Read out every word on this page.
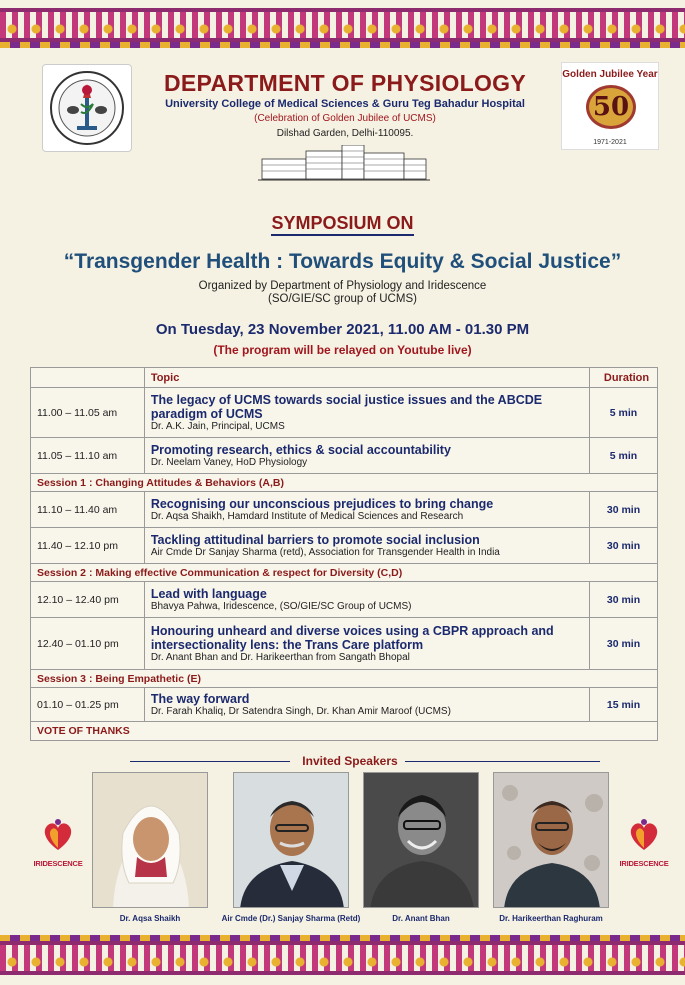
DEPARTMENT OF PHYSIOLOGY
University College of Medical Sciences & Guru Teg Bahadur Hospital
(Celebration of Golden Jubilee of UCMS)
Dilshad Garden, Delhi-110095.
Golden Jubilee Year
50
1971-2021
SYMPOSIUM ON
“Transgender Health : Towards Equity & Social Justice”
Organized by Department of Physiology and Iridescence
(SO/GIE/SC group of UCMS)
On Tuesday, 23 November 2021, 11.00 AM - 01.30 PM
(The program will be relayed on Youtube live)
	Topic	Duration
11.00 – 11.05 am	The legacy of UCMS towards social justice issues and the ABCDE paradigm of UCMS
Dr. A.K. Jain, Principal, UCMS	5 min
11.05 – 11.10 am	Promoting research, ethics & social accountability
Dr. Neelam Vaney, HoD Physiology	5 min
Session 1 : Changing Attitudes & Behaviors (A,B)		
11.10 – 11.40 am	Recognising our unconscious prejudices to bring change
Dr. Aqsa Shaikh, Hamdard Institute of Medical Sciences and Research	30 min
11.40 – 12.10 pm	Tackling attitudinal barriers to promote social inclusion
Air Cmde Dr Sanjay Sharma (retd), Association for Transgender Health in India	30 min
Session 2 : Making effective Communication & respect for Diversity (C,D)		
12.10 – 12.40 pm	Lead with language
Bhavya Pahwa, Iridescence, (SO/GIE/SC Group of UCMS)	30 min
12.40 – 01.10 pm	Honouring unheard and diverse voices using a CBPR approach and intersectionality lens: the Trans Care platform
Dr. Anant Bhan and Dr. Harikeerthan from Sangath Bhopal	30 min
Session 3 : Being Empathetic (E)		
01.10 – 01.25 pm	The way forward
Dr. Farah Khaliq, Dr Satendra Singh, Dr. Khan Amir Maroof (UCMS)	15 min
VOTE OF THANKS		
Invited Speakers
Dr. Aqsa Shaikh	Air Cmde (Dr.) Sanjay Sharma (Retd)	Dr. Anant Bhan	Dr. Harikeerthan Raghuram
IRIDESCENCE	IRIDESCENCE
